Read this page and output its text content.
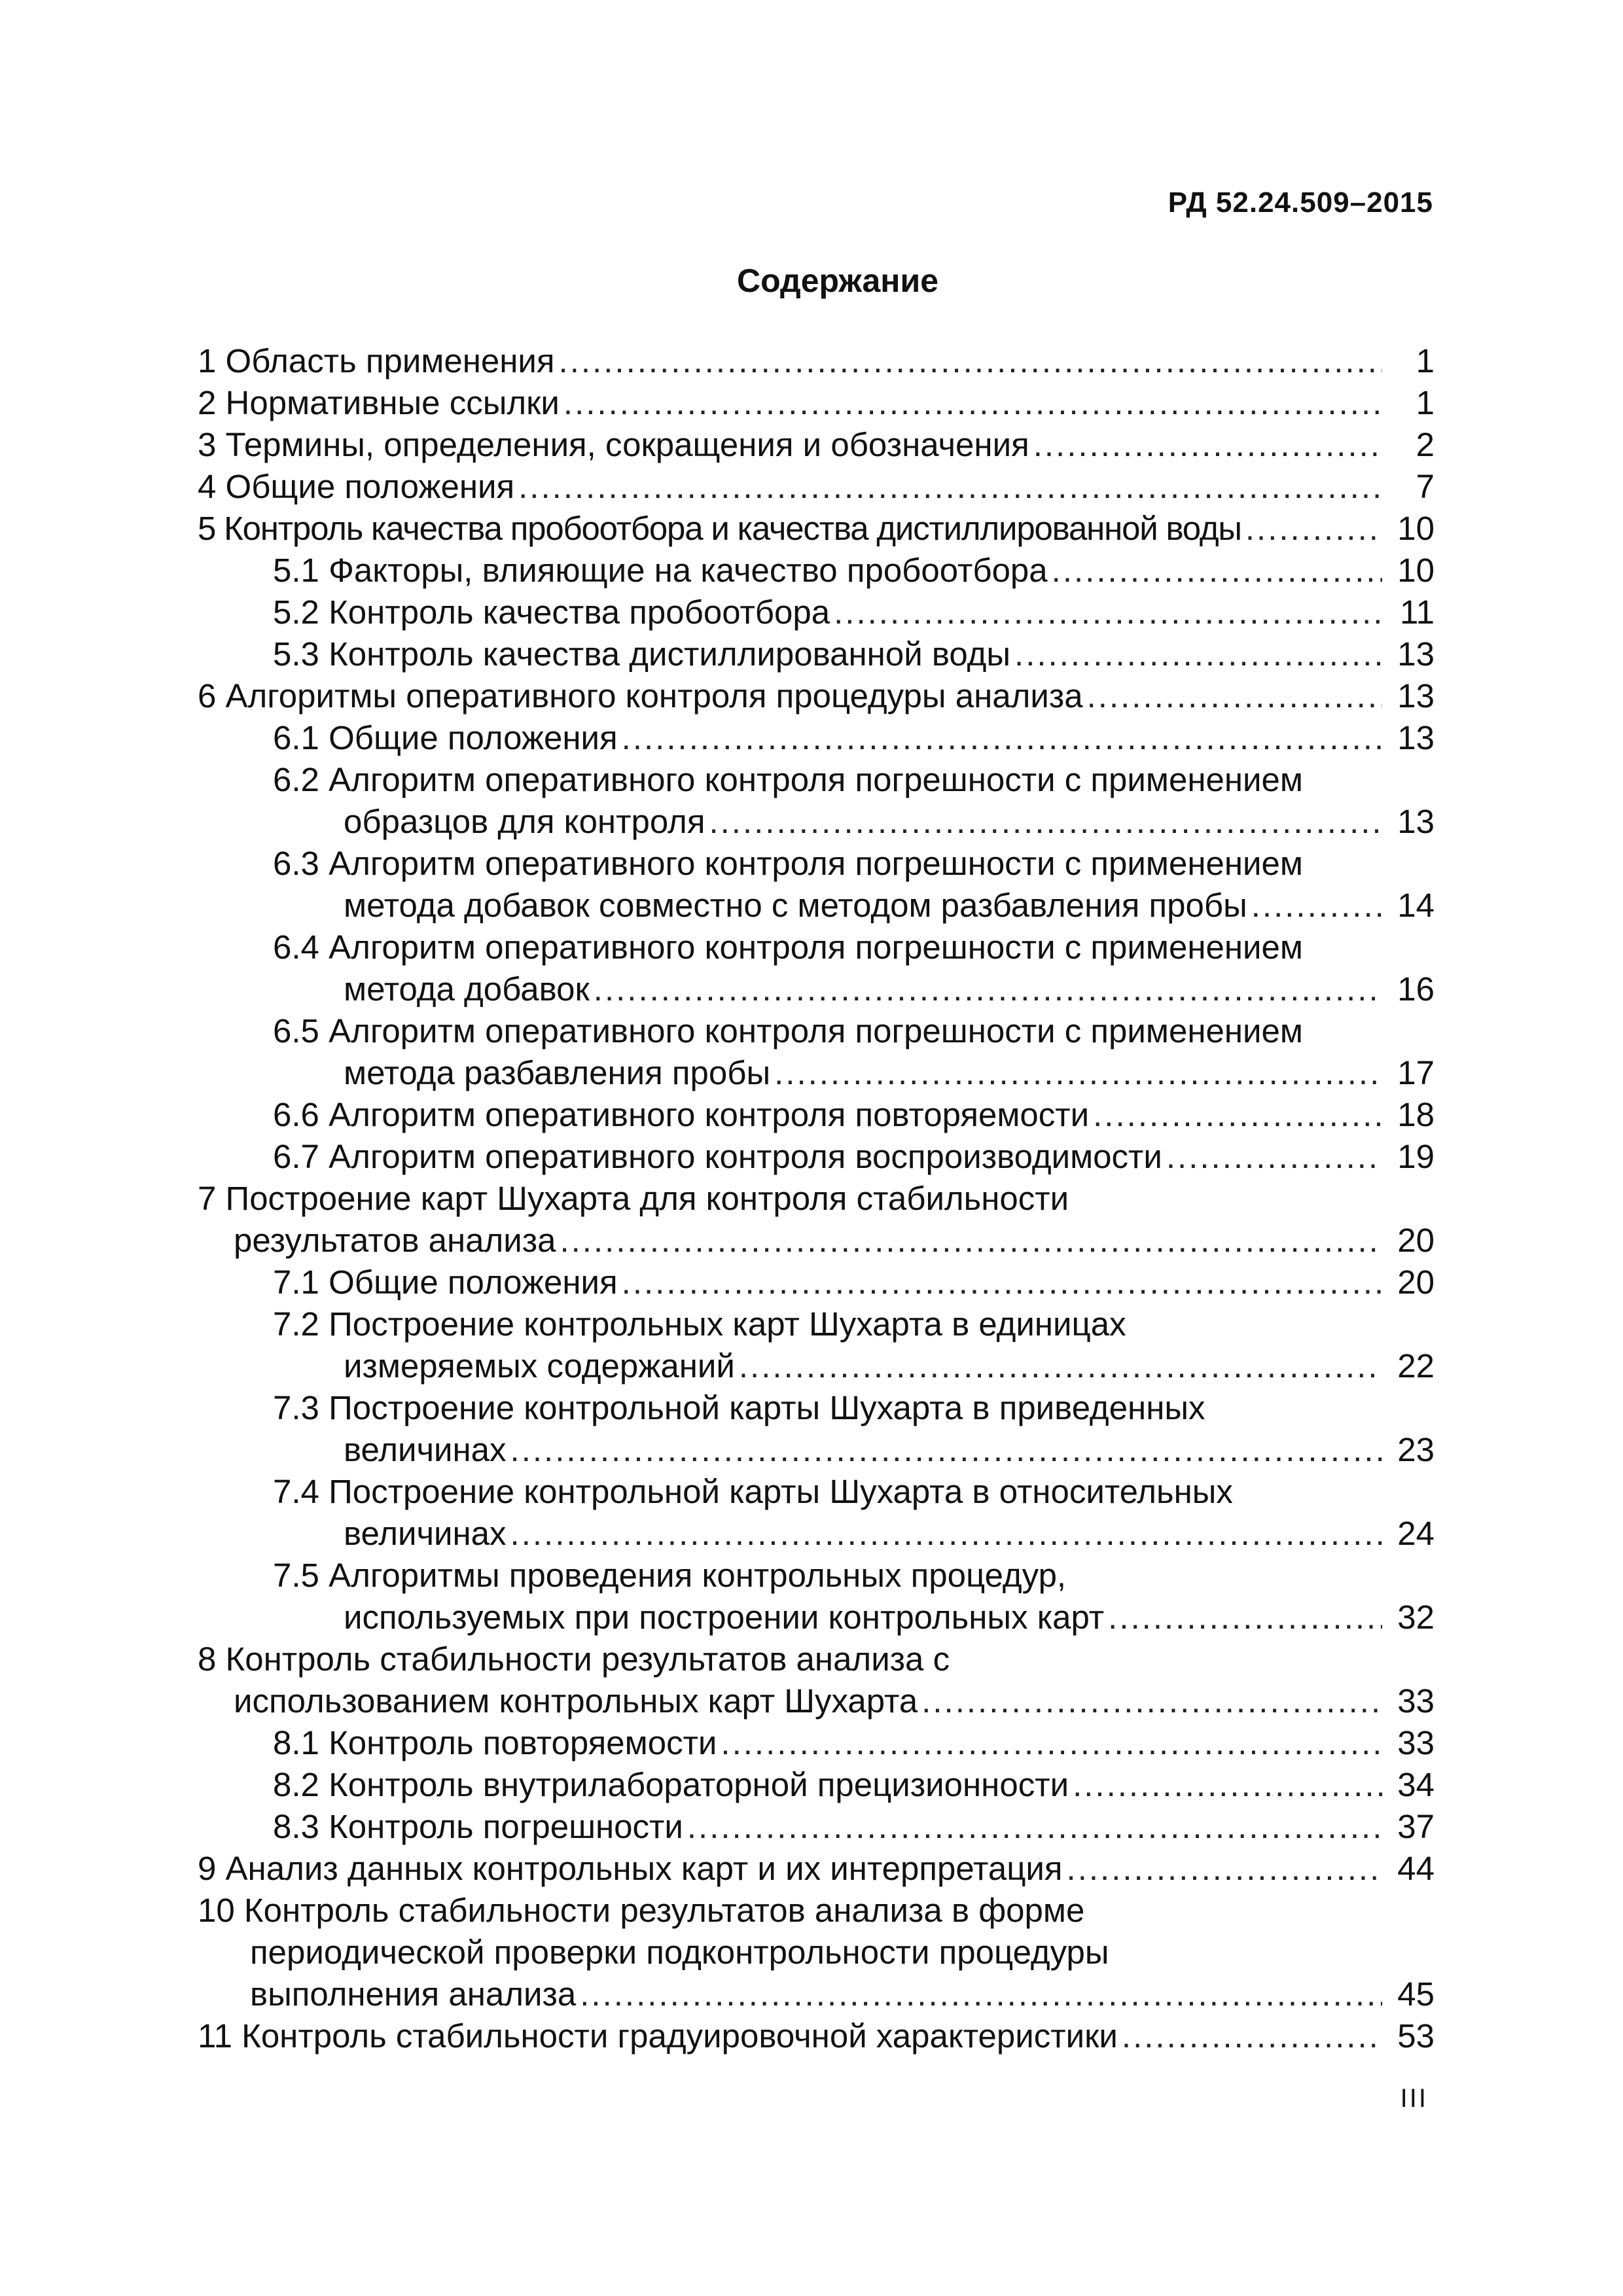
РД 52.24.509–2015
Содержание
1 Область применения .....	1
2 Нормативные ссылки .....	1
3 Термины, определения, сокращения и обозначения .....	2
4 Общие положения .....	7
5 Контроль качества пробоотбора и качества дистиллированной воды .....	10
5.1 Факторы, влияющие на качество пробоотбора .....	10
5.2 Контроль качества пробоотбора .....	11
5.3 Контроль качества дистиллированной воды .....	13
6 Алгоритмы оперативного контроля процедуры анализа .....	13
6.1 Общие положения .....	13
6.2 Алгоритм оперативного контроля погрешности с применением
образцов для контроля .....	13
6.3 Алгоритм оперативного контроля погрешности с применением
метода добавок совместно с методом разбавления пробы .....	14
6.4 Алгоритм оперативного контроля погрешности с применением
метода добавок .....	16
6.5 Алгоритм оперативного контроля погрешности с применением
метода разбавления пробы .....	17
6.6 Алгоритм оперативного контроля повторяемости .....	18
6.7 Алгоритм оперативного контроля воспроизводимости .....	19
7 Построение карт Шухарта для контроля стабильности
результатов анализа .....	20
7.1 Общие положения .....	20
7.2 Построение контрольных карт Шухарта в единицах
измеряемых содержаний .....	22
7.3 Построение контрольной карты Шухарта в приведенных
величинах .....	23
7.4 Построение контрольной карты Шухарта в относительных
величинах .....	24
7.5 Алгоритмы проведения контрольных процедур,
используемых при построении контрольных карт .....	32
8 Контроль стабильности результатов анализа с
использованием контрольных карт Шухарта .....	33
8.1 Контроль повторяемости .....	33
8.2 Контроль внутрилабораторной прецизионности .....	34
8.3 Контроль погрешности .....	37
9 Анализ данных контрольных карт и их интерпретация .....	44
10 Контроль стабильности результатов анализа в форме
периодической проверки подконтрольности процедуры
выполнения анализа .....	45
11 Контроль стабильности градуировочной характеристики .....	53
III
